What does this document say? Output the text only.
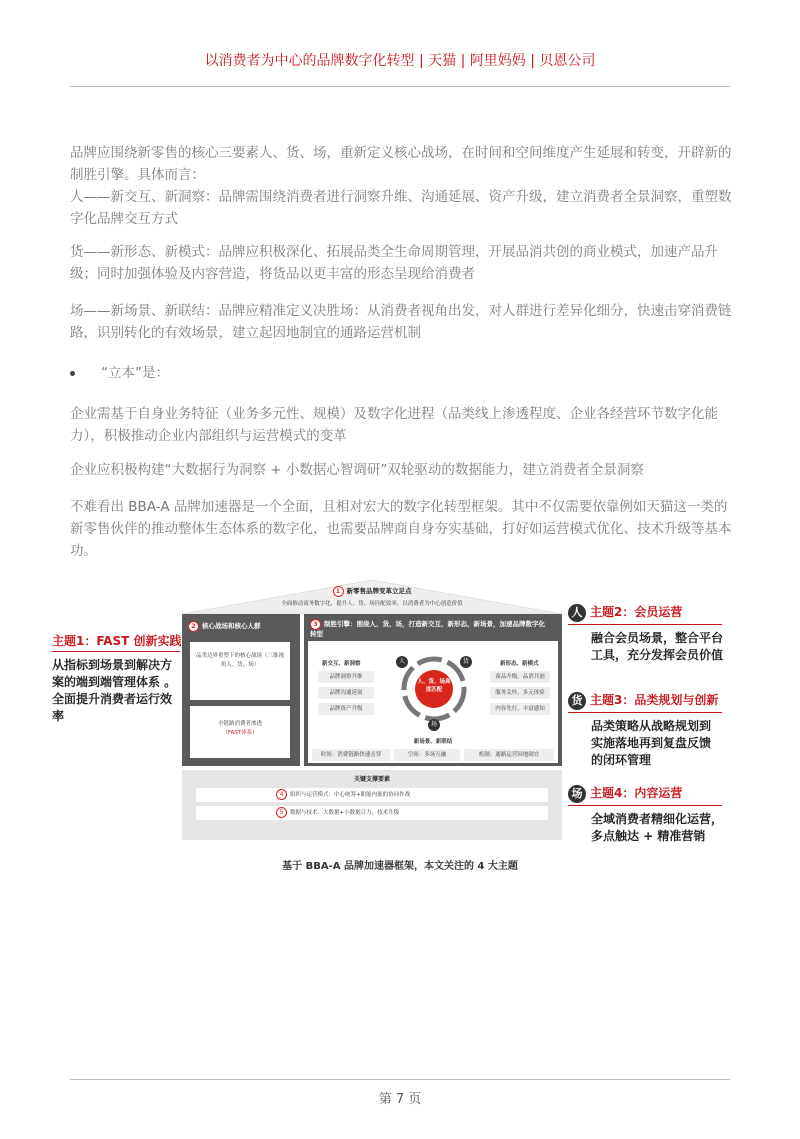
以消费者为中心的品牌数字化转型 | 天猫 | 阿里妈妈 | 贝恩公司

品牌应围绕新零售的核心三要素人、货、场，重新定义核心战场，在时间和空间维度产生延展和转变，开辟新的制胜引擎。具体而言：

人——新交互、新洞察：品牌需围绕消费者进行洞察升维、沟通延展、资产升级，建立消费者全景洞察，重塑数字化品牌交互方式

货——新形态、新模式：品牌应积极深化、拓展品类全生命周期管理，开展品消共创的商业模式，加速产品升级；同时加强体验及内容营造，将货品以更丰富的形态呈现给消费者

场——新场景、新联结：品牌应精准定义决胜场：从消费者视角出发，对人群进行差异化细分，快速击穿消费链路，识别转化的有效场景，建立起因地制宜的通路运营机制

“立本”是：

企业需基于自身业务特征（业务多元性、规模）及数字化进程（品类线上渗透程度、企业各经营环节数字化能力），积极推动企业内部组织与运营模式的变革

企业应积极构建“大数据行为洞察 + 小数据心智调研”双轮驱动的数据能力，建立消费者全景洞察

不难看出 BBA-A 品牌加速器是一个全面，且相对宏大的数字化转型框架。其中不仅需要依靠例如天猫这一类的新零售伙伴的推动整体生态体系的数字化，也需要品牌商自身夯实基础，打好如运营模式优化、技术升级等基本功。

1 新零售品牌变革立足点
全面推动商务数字化，提升人、货、场匹配效率，以消费者为中心创造价值
2 核心战场和核心人群
品类边界重塑下的核心战场（三维视角人、货、场）
全链路消费者渗透
（FAST体系）
3 制胜引擎：围绕人、货、场，打造新交互、新形态、新场景，加速品牌数字化转型
新交互、新洞察
品牌洞察升维
品牌沟通延展
品牌资产升级
人、货、场高度匹配
人	货
场
新形态、新模式
商品升级，品消共创
服务关怀，多元体验
内容先行，丰富感知
新场景、新联结
时间：消费链路快速击穿	空间：多场互融	机制：通路运营因地制宜
关键支撑要素
4 组织与运营模式：中心统筹+职能内嵌的协同作战
5 数据与技术：大数据+小数据合力，技术升级
主题1：FAST 创新实践
从指标到场景到解决方案的端到端管理体系 。全面提升消费者运行效率
人 主题2：会员运营
融合会员场景，整合平台工具，充分发挥会员价值
货 主题3：品类规划与创新
品类策略从战略规划到实施落地再到复盘反馈的闭环管理
场 主题4：内容运营
全域消费者精细化运营，多点触达 + 精准营销
基于 BBA-A 品牌加速器框架，本文关注的 4 大主题
第 7 页
